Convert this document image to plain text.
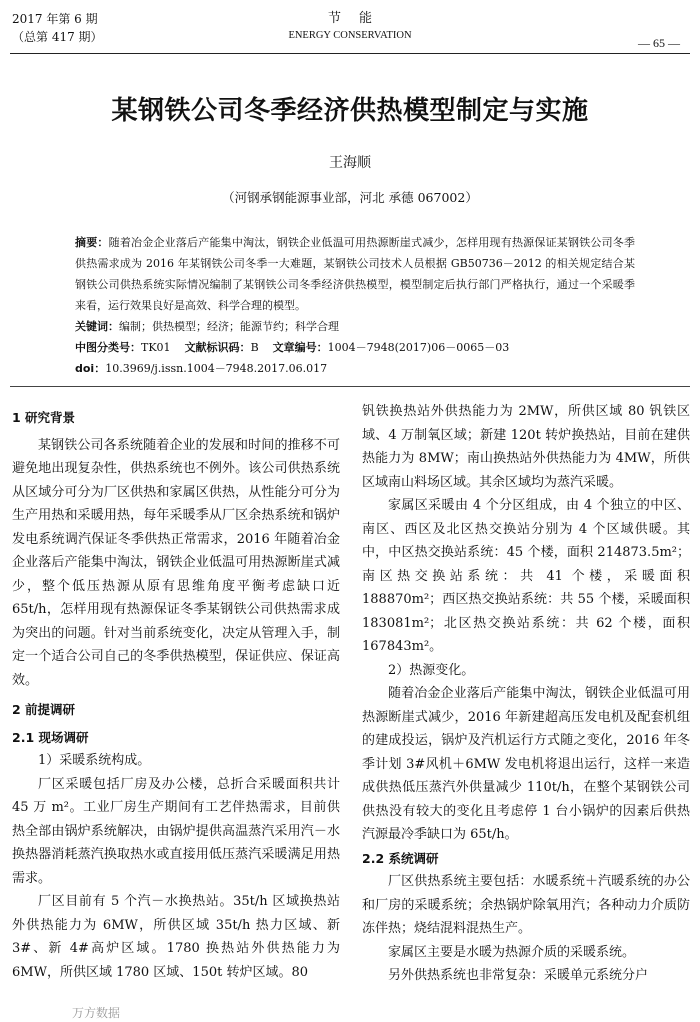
2017 年第 6 期
（总第 417 期）
节能
ENERGY CONSERVATION
— 65 —
某钢铁公司冬季经济供热模型制定与实施
王海顺
（河钢承钢能源事业部，河北 承德 067002）

摘要：随着冶金企业落后产能集中淘汰，钢铁企业低温可用热源断崖式减少，怎样用现有热源保证某钢铁公司冬季供热需求成为 2016 年某钢铁公司冬季一大难题，某钢铁公司技术人员根据 GB50736－2012 的相关规定结合某钢铁公司供热系统实际情况编制了某钢铁公司冬季经济供热模型，模型制定后执行部门严格执行，通过一个采暖季来看，运行效果良好是高效、科学合理的模型。

关键词：编制；供热模型；经济；能源节约；科学合理

中图分类号：TK01 文献标识码：B 文章编号：1004－7948(2017)06－0065－03

doi：10.3969/j.issn.1004－7948.2017.06.017

1 研究背景

某钢铁公司各系统随着企业的发展和时间的推移不可避免地出现复杂性，供热系统也不例外。该公司供热系统从区域分可分为厂区供热和家属区供热，从性能分可分为生产用热和采暖用热，每年采暖季从厂区余热系统和锅炉发电系统调汽保证冬季供热正常需求，2016 年随着冶金企业落后产能集中淘汰，钢铁企业低温可用热源断崖式减少，整个低压热源从原有思维角度平衡考虑缺口近 65t/h，怎样用现有热源保证冬季某钢铁公司供热需求成为突出的问题。针对当前系统变化，决定从管理入手，制定一个适合公司自己的冬季供热模型，保证供应、保证高效。

2 前提调研
2.1 现场调研

1）采暖系统构成。

厂区采暖包括厂房及办公楼，总折合采暖面积共计 45 万 m²。工业厂房生产期间有工艺伴热需求，目前供热全部由锅炉系统解决，由锅炉提供高温蒸汽采用汽－水换热器消耗蒸汽换取热水或直接用低压蒸汽采暖满足用热需求。

厂区目前有 5 个汽－水换热站。35t/h 区域换热站外供热能力为 6MW，所供区域 35t/h 热力区域、新 3#、新 4#高炉区域。1780 换热站外供热能力为 6MW，所供区域 1780 区域、150t 转炉区域。80

钒铁换热站外供热能力为 2MW，所供区域 80 钒铁区域、4 万制氧区域；新建 120t 转炉换热站，目前在建供热能力为 8MW；南山换热站外供热能力为 4MW，所供区域南山料场区域。其余区域均为蒸汽采暖。

家属区采暖由 4 个分区组成，由 4 个独立的中区、南区、西区及北区热交换站分别为 4 个区域供暖。其中，中区热交换站系统：45 个楼，面积 214873.5m²；南区热交换站系统：共 41 个楼，采暖面积 188870m²；西区热交换站系统：共 55 个楼，采暖面积 183081m²；北区热交换站系统：共 62 个楼，面积 167843m²。

2）热源变化。

随着冶金企业落后产能集中淘汰，钢铁企业低温可用热源断崖式减少，2016 年新建超高压发电机及配套机组的建成投运，锅炉及汽机运行方式随之变化，2016 年冬季计划 3#风机＋6MW 发电机将退出运行，这样一来造成供热低压蒸汽外供量减少 110t/h，在整个某钢铁公司供热没有较大的变化且考虑停 1 台小锅炉的因素后供热汽源最冷季缺口为 65t/h。

2.2 系统调研

厂区供热系统主要包括：水暖系统＋汽暖系统的办公和厂房的采暖系统；余热锅炉除氧用汽；各种动力介质防冻伴热；烧结混料混热生产。

家属区主要是水暖为热源介质的采暖系统。

另外供热系统也非常复杂：采暖单元系统分户

万方数据
